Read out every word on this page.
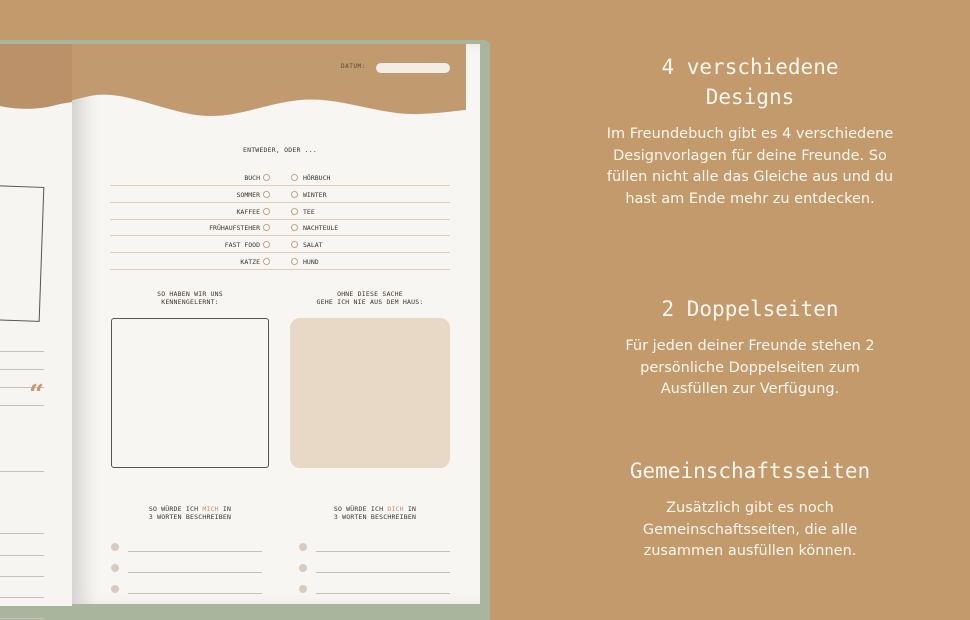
“
DATUM:
ENTWEDER, ODER ...
BUCH	HÖRBUCH
SOMMER	WINTER
KAFFEE	TEE
FRÜHAUFSTEHER	NACHTEULE
FAST FOOD	SALAT
KATZE	HUND
SO HABEN WIR UNS
KENNENGELERNT:
OHNE DIESE SACHE
GEHE ICH NIE AUS DEM HAUS:
SO WÜRDE ICH MICH IN
3 WORTEN BESCHREIBEN
SO WÜRDE ICH DICH IN
3 WORTEN BESCHREIBEN
4 verschiedene
Designs

Im Freundebuch gibt es 4 verschiedene Designvorlagen für deine Freunde. So füllen nicht alle das Gleiche aus und du hast am Ende mehr zu entdecken.

2 Doppelseiten

Für jeden deiner Freunde stehen 2 persönliche Doppelseiten zum Ausfüllen zur Verfügung.

Gemeinschaftsseiten

Zusätzlich gibt es noch Gemeinschaftsseiten, die alle zusammen ausfüllen können.
